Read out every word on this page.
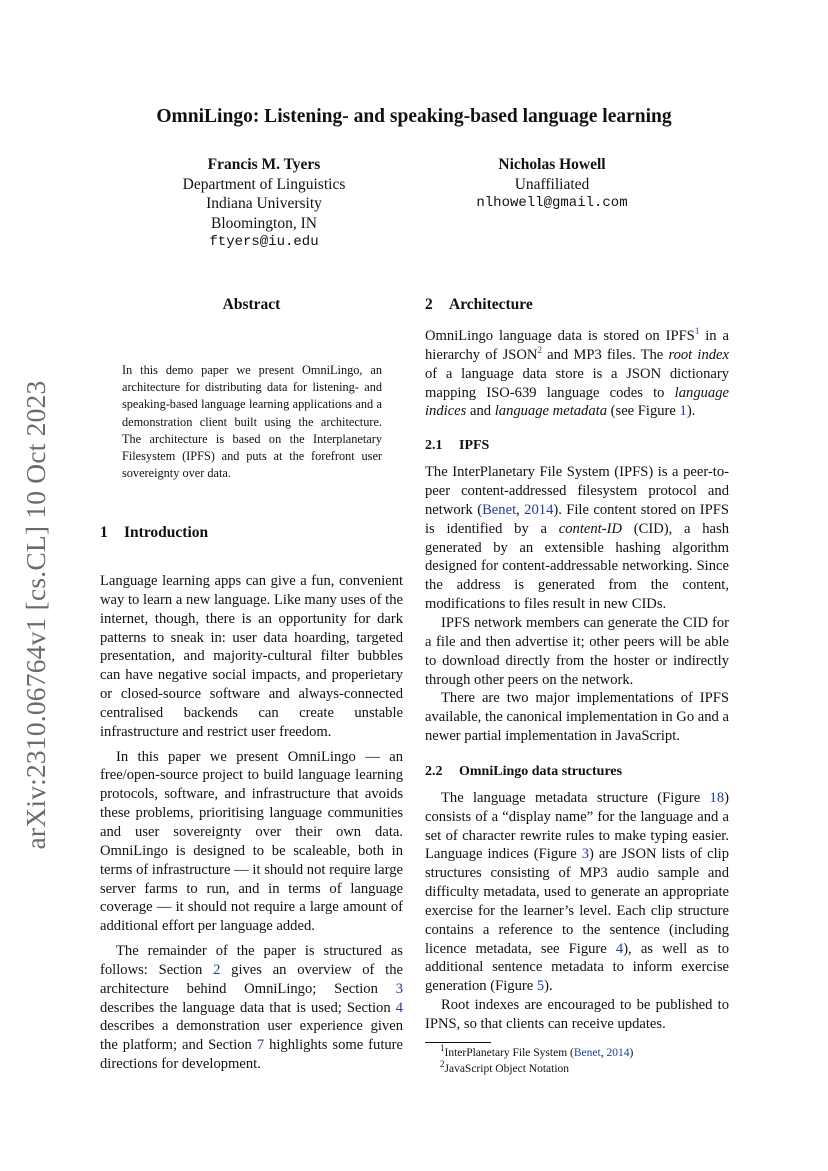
arXiv:2310.06764v1 [cs.CL] 10 Oct 2023
OmniLingo: Listening- and speaking-based language learning
Francis M. Tyers
Department of Linguistics
Indiana University
Bloomington, IN
ftyers@iu.edu
Nicholas Howell
Unaffiliated
nlhowell@gmail.com
Abstract
In this demo paper we present OmniLingo, an architecture for distributing data for listening- and speaking-based language learning applications and a demonstration client built using the architecture. The architecture is based on the Interplanetary Filesystem (IPFS) and puts at the forefront user sovereignty over data.
1 Introduction

Language learning apps can give a fun, convenient way to learn a new language. Like many uses of the internet, though, there is an opportunity for dark patterns to sneak in: user data hoarding, targeted presentation, and majority-cultural filter bubbles can have negative social impacts, and properietary or closed-source software and always-connected centralised backends can create unstable infrastructure and restrict user freedom.

In this paper we present OmniLingo — an free/open-source project to build language learning protocols, software, and infrastructure that avoids these problems, prioritising language communities and user sovereignty over their own data. OmniLingo is designed to be scaleable, both in terms of infrastructure — it should not require large server farms to run, and in terms of language coverage — it should not require a large amount of additional effort per language added.

The remainder of the paper is structured as follows: Section 2 gives an overview of the architecture behind OmniLingo; Section 3 describes the language data that is used; Section 4 describes a demonstration user experience given the platform; and Section 7 highlights some future directions for development.

2 Architecture

OmniLingo language data is stored on IPFS$^1$ in a hierarchy of JSON$^2$ and MP3 files. The root index of a language data store is a JSON dictionary mapping ISO-639 language codes to language indices and language metadata (see Figure 1).

2.1 IPFS

The InterPlanetary File System (IPFS) is a peer-to-peer content-addressed filesystem protocol and network (Benet, 2014). File content stored on IPFS is identified by a content-ID (CID), a hash generated by an extensible hashing algorithm designed for content-addressable networking. Since the address is generated from the content, modifications to files result in new CIDs.

IPFS network members can generate the CID for a file and then advertise it; other peers will be able to download directly from the hoster or indirectly through other peers on the network.

There are two major implementations of IPFS available, the canonical implementation in Go and a newer partial implementation in JavaScript.

2.2 OmniLingo data structures

The language metadata structure (Figure 18) consists of a “display name” for the language and a set of character rewrite rules to make typing easier. Language indices (Figure 3) are JSON lists of clip structures consisting of MP3 audio sample and difficulty metadata, used to generate an appropriate exercise for the learner’s level. Each clip structure contains a reference to the sentence (including licence metadata, see Figure 4), as well as to additional sentence metadata to inform exercise generation (Figure 5).

Root indexes are encouraged to be published to IPNS, so that clients can receive updates.

$^1$InterPlanetary File System (Benet, 2014)
$^2$JavaScript Object Notation
